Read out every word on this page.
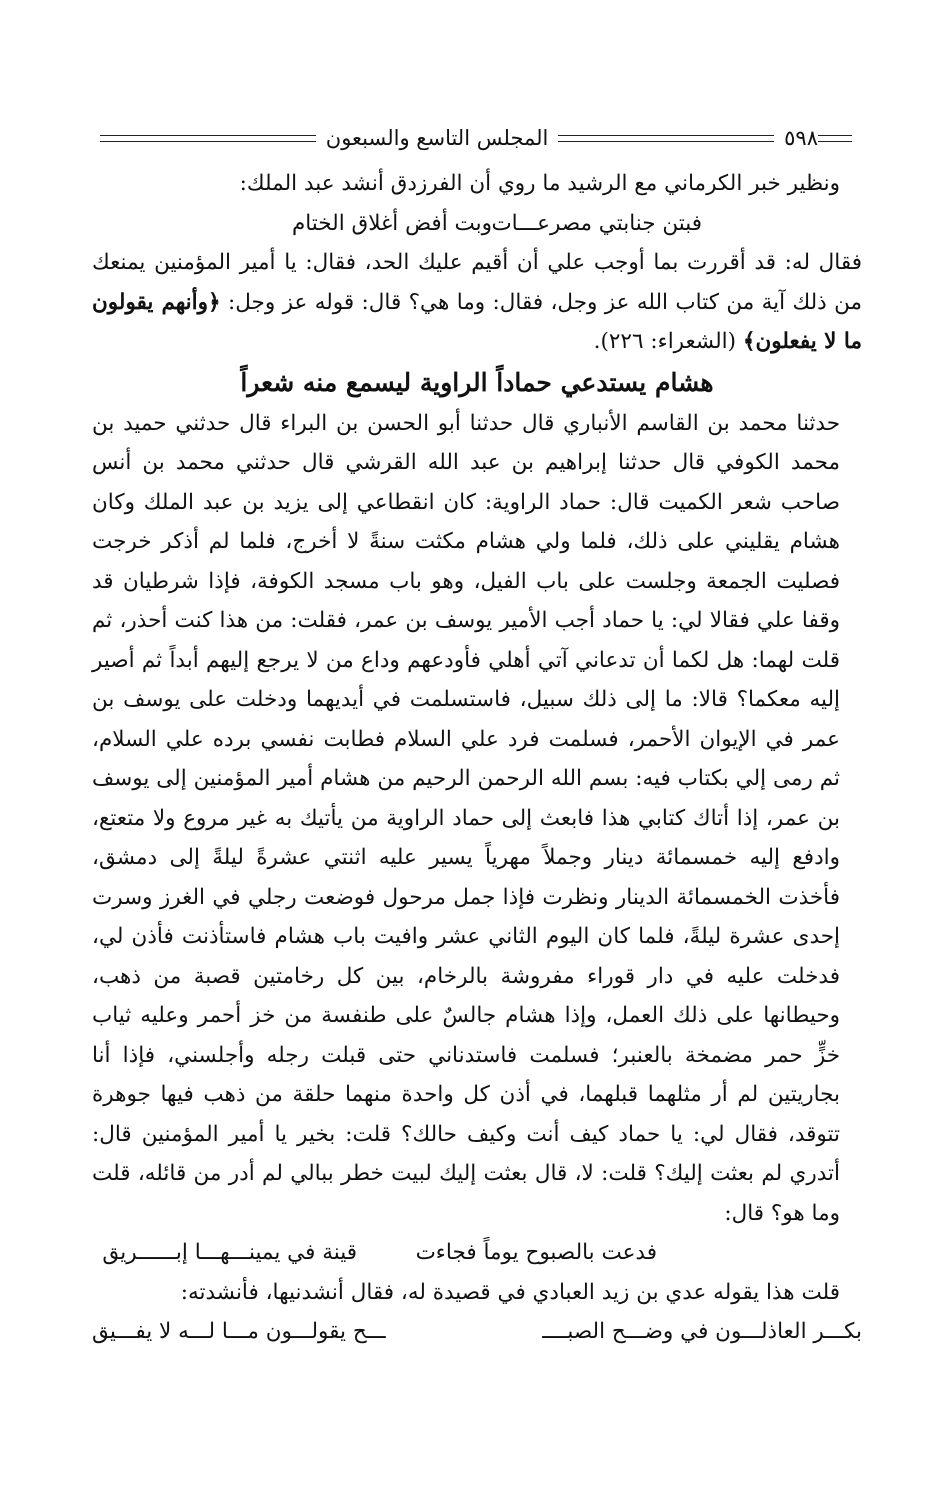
٥٩٨
المجلس التاسع والسبعون

ونظير خبر الكرماني مع الرشيد ما روي أن الفرزدق أنشد عبد الملك:

فبتن جنابتي مصرعـــات
وبت أفض أغلاق الختام

فقال له: قد أقررت بما أوجب علي أن أقيم عليك الحد، فقال: يا أمير المؤمنين يمنعك من ذلك آية من كتاب الله عز وجل، فقال: وما هي؟ قال: قوله عز وجل: ﴿وأنهم يقولون ما لا يفعلون﴾ (الشعراء: ٢٢٦).

هشام يستدعي حماداً الراوية ليسمع منه شعراً

حدثنا محمد بن القاسم الأنباري قال حدثنا أبو الحسن بن البراء قال حدثني حميد بن محمد الكوفي قال حدثنا إبراهيم بن عبد الله القرشي قال حدثني محمد بن أنس صاحب شعر الكميت قال: حماد الراوية: كان انقطاعي إلى يزيد بن عبد الملك وكان هشام يقليني على ذلك، فلما ولي هشام مكثت سنةً لا أخرج، فلما لم أذكر خرجت فصليت الجمعة وجلست على باب الفيل، وهو باب مسجد الكوفة، فإذا شرطيان قد وقفا علي فقالا لي: يا حماد أجب الأمير يوسف بن عمر، فقلت: من هذا كنت أحذر، ثم قلت لهما: هل لكما أن تدعاني آتي أهلي فأودعهم وداع من لا يرجع إليهم أبداً ثم أصير إليه معكما؟ قالا: ما إلى ذلك سبيل، فاستسلمت في أيديهما ودخلت على يوسف بن عمر في الإيوان الأحمر، فسلمت فرد علي السلام فطابت نفسي برده علي السلام، ثم رمى إلي بكتاب فيه: بسم الله الرحمن الرحيم من هشام أمير المؤمنين إلى يوسف بن عمر، إذا أتاك كتابي هذا فابعث إلى حماد الراوية من يأتيك به غير مروع ولا متعتع، وادفع إليه خمسمائة دينار وجملاً مهرياً يسير عليه اثنتي عشرةً ليلةً إلى دمشق، فأخذت الخمسمائة الدينار ونظرت فإذا جمل مرحول فوضعت رجلي في الغرز وسرت إحدى عشرة ليلةً، فلما كان اليوم الثاني عشر وافيت باب هشام فاستأذنت فأذن لي، فدخلت عليه في دار قوراء مفروشة بالرخام، بين كل رخامتين قصبة من ذهب، وحيطانها على ذلك العمل، وإذا هشام جالسٌ على طنفسة من خز أحمر وعليه ثياب خزٍّ حمر مضمخة بالعنبر؛ فسلمت فاستدناني حتى قبلت رجله وأجلسني، فإذا أنا بجاريتين لم أر مثلهما قبلهما، في أذن كل واحدة منهما حلقة من ذهب فيها جوهرة تتوقد، فقال لي: يا حماد كيف أنت وكيف حالك؟ قلت: بخير يا أمير المؤمنين قال: أتدري لم بعثت إليك؟ قلت: لا، قال بعثت إليك لبيت خطر ببالي لم أدر من قائله، قلت وما هو؟ قال:

فدعت بالصبوح يوماً فجاءت
قينة في يمينـــهـــا إبــــــريق

قلت هذا يقوله عدي بن زيد العبادي في قصيدة له، فقال أنشدنيها، فأنشدته:

بكـــر العاذلـــون في وضـــح الصبــــ
ـــح يقولـــون مـــا لـــه لا يفـــيق
